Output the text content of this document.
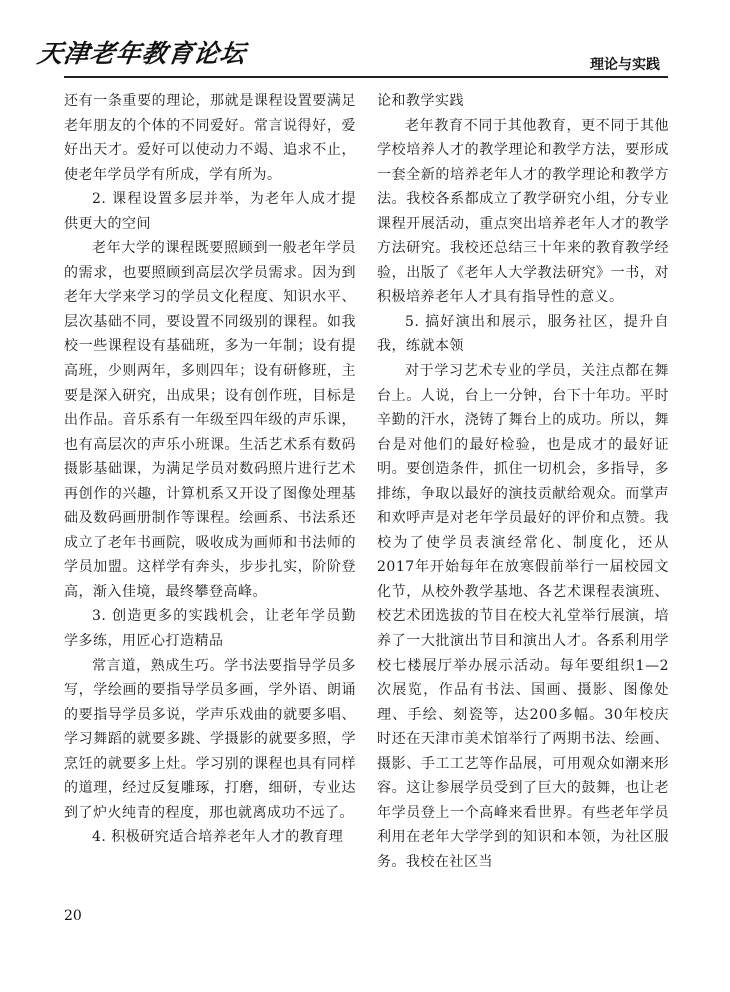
天津老年教育论坛	理论与实践

还有一条重要的理论，那就是课程设置要满足老年朋友的个体的不同爱好。常言说得好，爱好出天才。爱好可以使动力不竭、追求不止，使老年学员学有所成，学有所为。

2. 课程设置多层并举，为老年人成才提供更大的空间

老年大学的课程既要照顾到一般老年学员的需求，也要照顾到高层次学员需求。因为到老年大学来学习的学员文化程度、知识水平、层次基础不同，要设置不同级别的课程。如我校一些课程设有基础班，多为一年制；设有提高班，少则两年，多则四年；设有研修班，主要是深入研究，出成果；设有创作班，目标是出作品。音乐系有一年级至四年级的声乐课，也有高层次的声乐小班课。生活艺术系有数码摄影基础课，为满足学员对数码照片进行艺术再创作的兴趣，计算机系又开设了图像处理基础及数码画册制作等课程。绘画系、书法系还成立了老年书画院，吸收成为画师和书法师的学员加盟。这样学有奔头，步步扎实，阶阶登高，渐入佳境，最终攀登高峰。

3. 创造更多的实践机会，让老年学员勤学多练，用匠心打造精品

常言道，熟成生巧。学书法要指导学员多写，学绘画的要指导学员多画，学外语、朗诵的要指导学员多说，学声乐戏曲的就要多唱、学习舞蹈的就要多跳、学摄影的就要多照，学烹饪的就要多上灶。学习别的课程也具有同样的道理，经过反复雕琢，打磨，细研，专业达到了炉火纯青的程度，那也就离成功不远了。

4. 积极研究适合培养老年人才的教育理

论和教学实践

老年教育不同于其他教育，更不同于其他学校培养人才的教学理论和教学方法，要形成一套全新的培养老年人才的教学理论和教学方法。我校各系都成立了教学研究小组，分专业课程开展活动，重点突出培养老年人才的教学方法研究。我校还总结三十年来的教育教学经验，出版了《老年人大学教法研究》一书，对积极培养老年人才具有指导性的意义。

5. 搞好演出和展示，服务社区，提升自我，练就本领

对于学习艺术专业的学员，关注点都在舞台上。人说，台上一分钟，台下十年功。平时辛勤的汗水，浇铸了舞台上的成功。所以，舞台是对他们的最好检验，也是成才的最好证明。要创造条件，抓住一切机会，多指导，多排练，争取以最好的演技贡献给观众。而掌声和欢呼声是对老年学员最好的评价和点赞。我校为了使学员表演经常化、制度化，还从2017年开始每年在放寒假前举行一届校园文化节，从校外教学基地、各艺术课程表演班、校艺术团选拔的节目在校大礼堂举行展演，培养了一大批演出节目和演出人才。各系利用学校七楼展厅举办展示活动。每年要组织1—2次展览，作品有书法、国画、摄影、图像处理、手绘、刻瓷等，达200多幅。30年校庆时还在天津市美术馆举行了两期书法、绘画、摄影、手工工艺等作品展，可用观众如潮来形容。这让参展学员受到了巨大的鼓舞，也让老年学员登上一个高峰来看世界。有些老年学员利用在老年大学学到的知识和本领，为社区服务。我校在社区当

20
